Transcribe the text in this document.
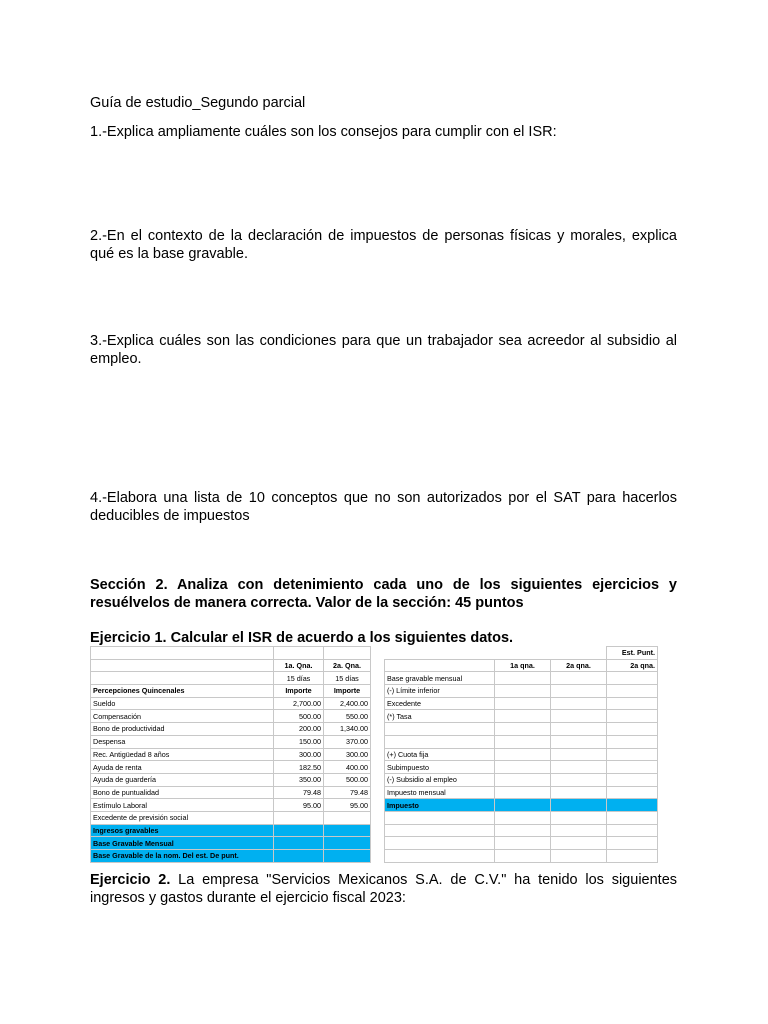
Guía de estudio_Segundo parcial
1.-Explica ampliamente cuáles son los consejos para cumplir con el ISR:
2.-En el contexto de la declaración de impuestos de personas físicas y morales, explica qué es la base gravable.
3.-Explica cuáles son las condiciones para que un trabajador sea acreedor al subsidio al empleo.
4.-Elabora una lista de 10 conceptos que no son autorizados por el SAT para hacerlos deducibles de impuestos
Sección 2. Analiza con detenimiento cada uno de los siguientes ejercicios y resuélvelos de manera correcta. Valor de la sección: 45 puntos
Ejercicio 1. Calcular el ISR de acuerdo a los siguientes datos.

	1a. Qna.	2a. Qna.
	15 días	15 días
Percepciones Quincenales	Importe	Importe
Sueldo	2,700.00	2,400.00
Compensación	500.00	550.00
Bono de productividad	200.00	1,340.00
Despensa	150.00	370.00
Rec. Antigüedad 8 años	300.00	300.00
Ayuda de renta	182.50	400.00
Ayuda de guardería	350.00	500.00
Bono de puntualidad	79.48	79.48
Estímulo Laboral	95.00	95.00
Excedente de previsión social		
Ingresos gravables		
Base Gravable Mensual		
Base Gravable de la nom. Del est. De punt.		
			Est. Punt.
	1a qna.	2a qna.	2a qna.
Base gravable mensual			
(-) Límite inferior			
Excedente			
(*) Tasa			

(+) Cuota fija			
Subimpuesto			
(-) Subsidio al empleo			
Impuesto mensual			
Impuesto			

Ejercicio 2. La empresa "Servicios Mexicanos S.A. de C.V." ha tenido los siguientes ingresos y gastos durante el ejercicio fiscal 2023:
